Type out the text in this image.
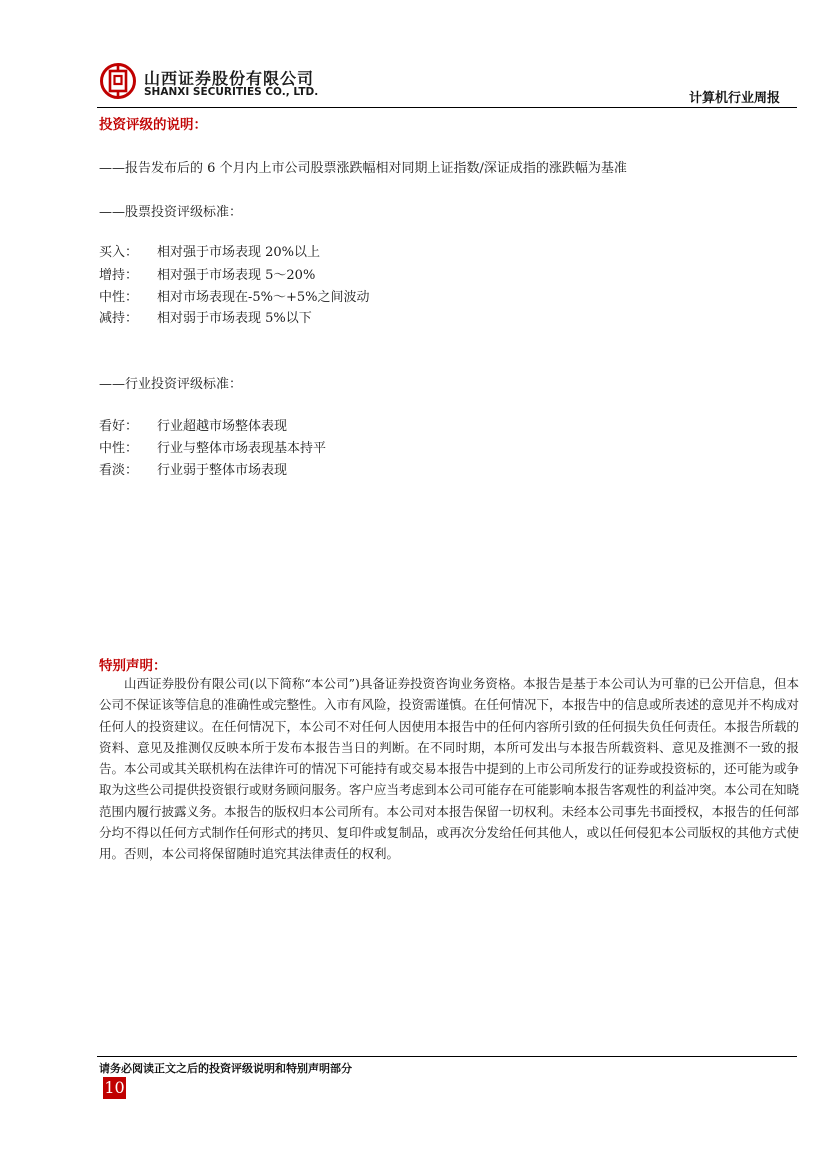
山西证券股份有限公司
SHANXI SECURITIES CO., LTD.	计算机行业周报
投资评级的说明：
——报告发布后的 6 个月内上市公司股票涨跌幅相对同期上证指数/深证成指的涨跌幅为基准
——股票投资评级标准：
买入： 相对强于市场表现 20%以上
增持： 相对强于市场表现 5～20%
中性： 相对市场表现在-5%～+5%之间波动
减持： 相对弱于市场表现 5%以下
——行业投资评级标准：
看好： 行业超越市场整体表现
中性： 行业与整体市场表现基本持平
看淡： 行业弱于整体市场表现
特别声明：
山西证券股份有限公司(以下简称“本公司”)具备证券投资咨询业务资格。本报告是基于本公司认为可靠的已公开信息，但本公司不保证该等信息的准确性或完整性。入市有风险，投资需谨慎。在任何情况下，本报告中的信息或所表述的意见并不构成对任何人的投资建议。在任何情况下，本公司不对任何人因使用本报告中的任何内容所引致的任何损失负任何责任。本报告所载的资料、意见及推测仅反映本所于发布本报告当日的判断。在不同时期，本所可发出与本报告所载资料、意见及推测不一致的报告。本公司或其关联机构在法律许可的情况下可能持有或交易本报告中提到的上市公司所发行的证券或投资标的，还可能为或争取为这些公司提供投资银行或财务顾问服务。客户应当考虑到本公司可能存在可能影响本报告客观性的利益冲突。本公司在知晓范围内履行披露义务。本报告的版权归本公司所有。本公司对本报告保留一切权利。未经本公司事先书面授权，本报告的任何部分均不得以任何方式制作任何形式的拷贝、复印件或复制品，或再次分发给任何其他人，或以任何侵犯本公司版权的其他方式使用。否则，本公司将保留随时追究其法律责任的权利。
请务必阅读正文之后的投资评级说明和特别声明部分
10
